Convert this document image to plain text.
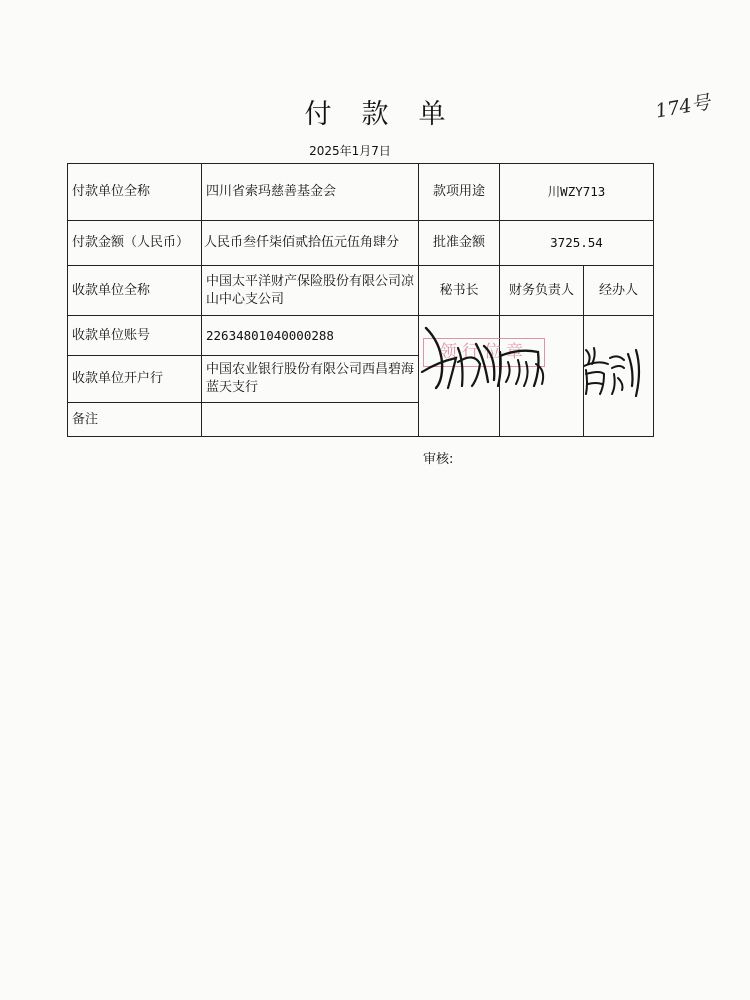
付款单	174号
2025年1月7日
付款单位全称	四川省索玛慈善基金会	款项用途	川WZY713	
付款金额（人民币）	人民币叁仟柒佰贰拾伍元伍角肆分	批准金额	3725.54	
收款单位全称	中国太平洋财产保险股份有限公司凉山中心支公司	秘书长	财务负责人	经办人
收款单位账号	22634801040000288			
收款单位开户行	中国农业银行股份有限公司西昌碧海蓝天支行			
备注				
领行位章
审核:
